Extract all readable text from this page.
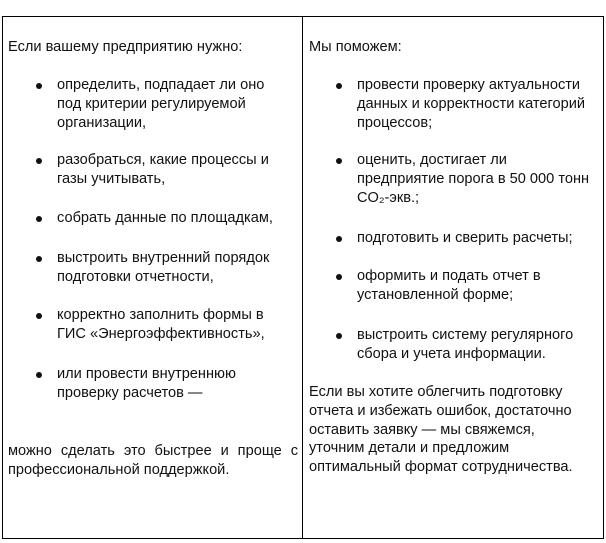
Если вашему предприятию нужно:

определить, подпадает ли оно под критерии регулируемой организации,
разобраться, какие процессы и газы учитывать,
собрать данные по площадкам,
выстроить внутренний порядок подготовки отчетности,
корректно заполнить формы в ГИС «Энергоэффективность»,
или провести внутреннюю проверку расчетов —

можно сделать это быстрее и проще с профессиональной поддержкой.

Мы поможем:

провести проверку актуальности данных и корректности категорий процессов;
оценить, достигает ли предприятие порога в 50 000 тонн CO₂-экв.;
подготовить и сверить расчеты;
оформить и подать отчет в установленной форме;
выстроить систему регулярного сбора и учета информации.

Если вы хотите облегчить подготовку отчета и избежать ошибок, достаточно оставить заявку — мы свяжемся, уточним детали и предложим оптимальный формат сотрудничества.
